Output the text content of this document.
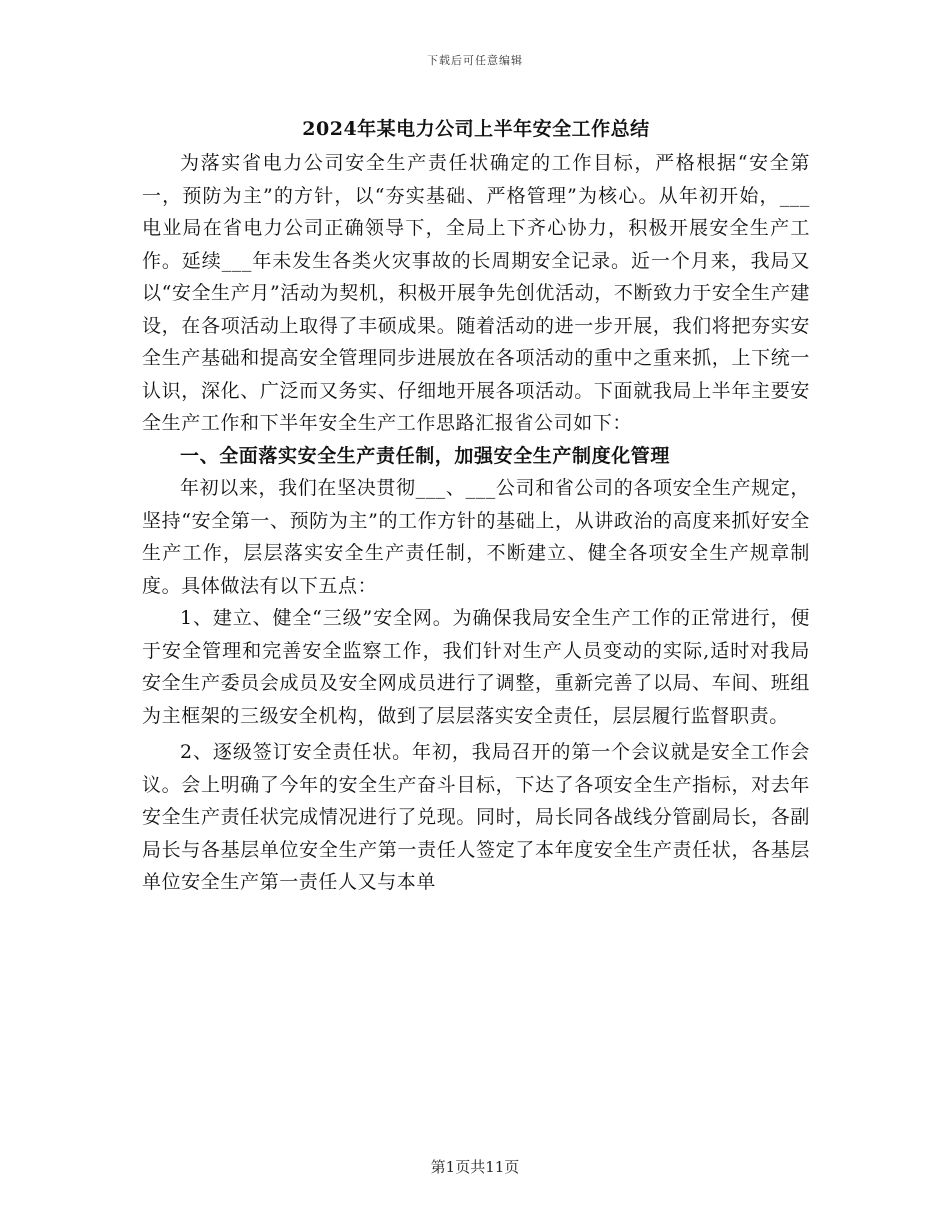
下载后可任意编辑
2024年某电力公司上半年安全工作总结

为落实省电力公司安全生产责任状确定的工作目标，严格根据“安全第一，预防为主”的方针，以“夯实基础、严格管理”为核心。从年初开始，___电业局在省电力公司正确领导下，全局上下齐心协力，积极开展安全生产工作。延续___年未发生各类火灾事故的长周期安全记录。近一个月来，我局又以“安全生产月”活动为契机，积极开展争先创优活动，不断致力于安全生产建设，在各项活动上取得了丰硕成果。随着活动的进一步开展，我们将把夯实安全生产基础和提高安全管理同步进展放在各项活动的重中之重来抓，上下统一认识，深化、广泛而又务实、仔细地开展各项活动。下面就我局上半年主要安全生产工作和下半年安全生产工作思路汇报省公司如下：

一、全面落实安全生产责任制，加强安全生产制度化管理

年初以来，我们在坚决贯彻___、___公司和省公司的各项安全生产规定，坚持“安全第一、预防为主”的工作方针的基础上，从讲政治的高度来抓好安全生产工作，层层落实安全生产责任制，不断建立、健全各项安全生产规章制度。具体做法有以下五点：

1、建立、健全“三级”安全网。为确保我局安全生产工作的正常进行，便于安全管理和完善安全监察工作，我们针对生产人员变动的实际,适时对我局安全生产委员会成员及安全网成员进行了调整，重新完善了以局、车间、班组为主框架的三级安全机构，做到了层层落实安全责任，层层履行监督职责。

2、逐级签订安全责任状。年初，我局召开的第一个会议就是安全工作会议。会上明确了今年的安全生产奋斗目标，下达了各项安全生产指标，对去年安全生产责任状完成情况进行了兑现。同时，局长同各战线分管副局长，各副局长与各基层单位安全生产第一责任人签定了本年度安全生产责任状，各基层单位安全生产第一责任人又与本单

第1页共11页
